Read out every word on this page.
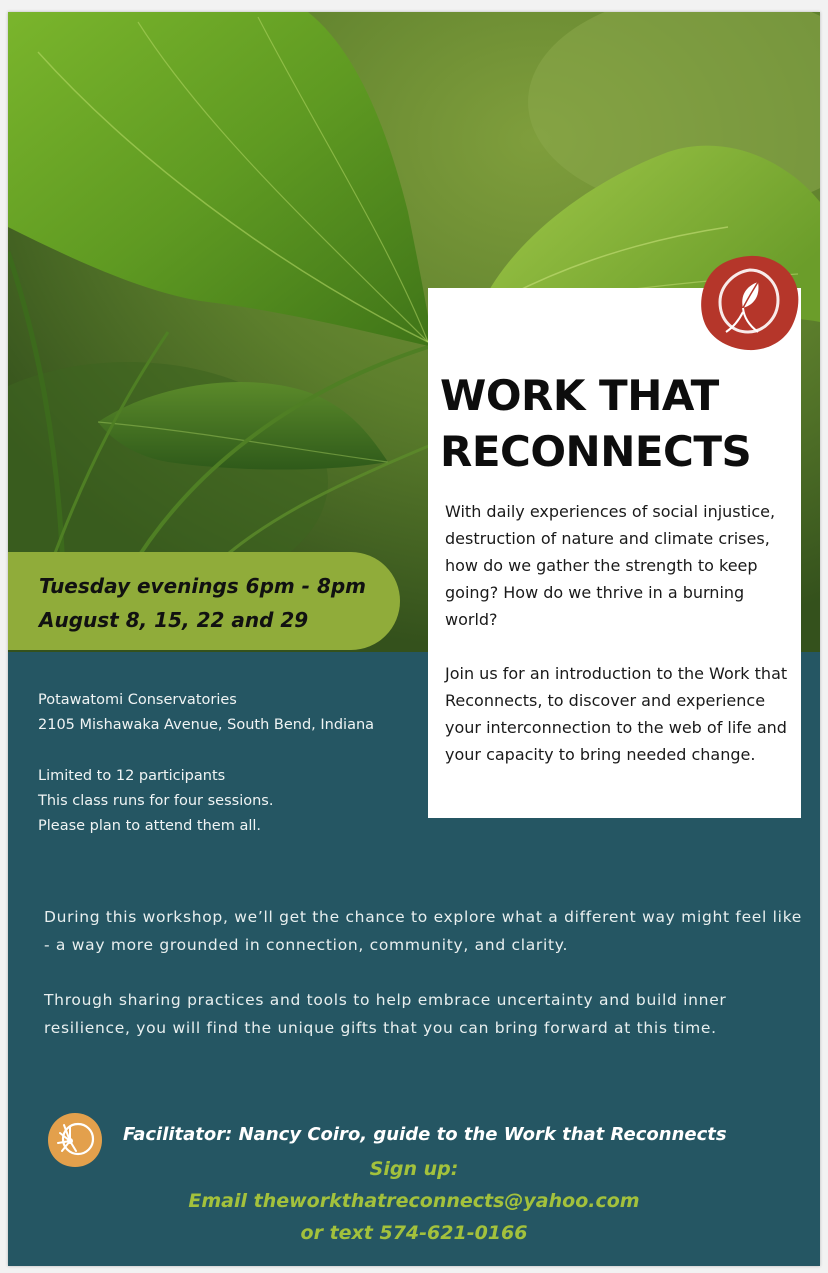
Tuesday evenings 6pm - 8pm
August 8, 15, 22 and 29
WORK THAT
RECONNECTS
With daily experiences of social injustice, destruction of nature and climate crises, how do we gather the strength to keep going? How do we thrive in a burning world?
Join us for an introduction to the Work that Reconnects, to discover and experience your interconnection to the web of life and your capacity to bring needed change.
Potawatomi Conservatories
2105 Mishawaka Avenue, South Bend, Indiana
Limited to 12 participants
This class runs for four sessions.
Please plan to attend them all.
During this workshop, we’ll get the chance to explore what a different way might feel like - a way more grounded in connection, community, and clarity.
Through sharing practices and tools to help embrace uncertainty and build inner resilience, you will find the unique gifts that you can bring forward at this time.
Facilitator: Nancy Coiro, guide to the Work that Reconnects
Sign up:
Email theworkthatreconnects@yahoo.com
or text 574-621-0166
